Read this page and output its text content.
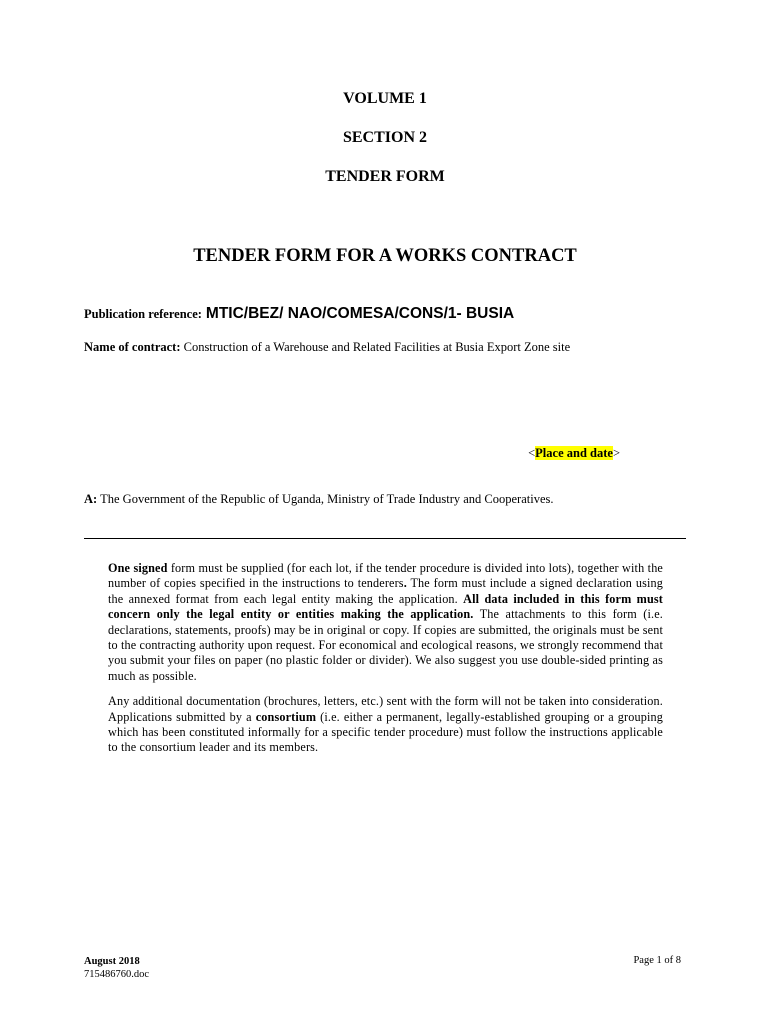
VOLUME 1
SECTION 2
TENDER FORM
TENDER FORM FOR A WORKS CONTRACT
Publication reference: MTIC/BEZ/ NAO/COMESA/CONS/1- BUSIA
Name of contract: Construction of a Warehouse and Related Facilities at Busia Export Zone site
<Place and date>
A: The Government of the Republic of Uganda, Ministry of Trade Industry and Cooperatives.

One signed form must be supplied (for each lot, if the tender procedure is divided into lots), together with the number of copies specified in the instructions to tenderers. The form must include a signed declaration using the annexed format from each legal entity making the application. All data included in this form must concern only the legal entity or entities making the application. The attachments to this form (i.e. declarations, statements, proofs) may be in original or copy. If copies are submitted, the originals must be sent to the contracting authority upon request. For economical and ecological reasons, we strongly recommend that you submit your files on paper (no plastic folder or divider). We also suggest you use double-sided printing as much as possible.

Any additional documentation (brochures, letters, etc.) sent with the form will not be taken into consideration. Applications submitted by a consortium (i.e. either a permanent, legally-established grouping or a grouping which has been constituted informally for a specific tender procedure) must follow the instructions applicable to the consortium leader and its members.

August 2018
715486760.doc
Page 1 of 8
